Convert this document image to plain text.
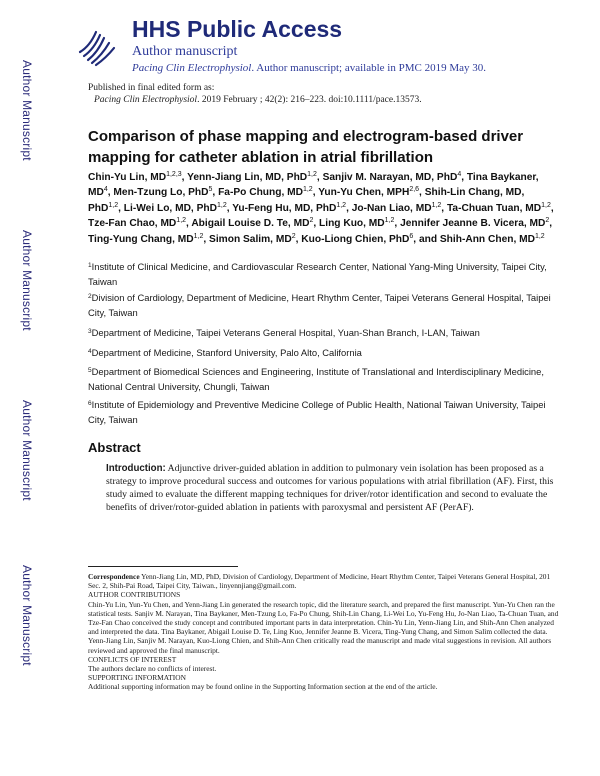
Author Manuscript
Author Manuscript
Author Manuscript
Author Manuscript
HHS Public Access
Author manuscript
Pacing Clin Electrophysiol. Author manuscript; available in PMC 2019 May 30.
Published in final edited form as:
Pacing Clin Electrophysiol. 2019 February ; 42(2): 216–223. doi:10.1111/pace.13573.
Comparison of phase mapping and electrogram-based driver mapping for catheter ablation in atrial fibrillation
Chin-Yu Lin, MD$^{1,2,3}$, Yenn-Jiang Lin, MD, PhD$^{1,2}$, Sanjiv M. Narayan, MD, PhD$^4$, Tina Baykaner, $MD^4$, Men-Tzung Lo, PhD$^5$, Fa-Po Chung, MD$^{1,2}$, Yun-Yu Chen, MPH$^{2,6}$, Shih-Lin Chang, MD, PhD$^{1,2}$, Li-Wei Lo, MD, PhD$^{1,2}$, Yu-Feng Hu, MD, PhD$^{1,2}$, Jo-Nan Liao, MD$^{1,2}$, Ta-Chuan Tuan, MD$^{1,2}$, Tze-Fan Chao, MD$^{1,2}$, Abigail Louise D. Te, $MD^2$, Ling Kuo, MD$^{1,2}$, Jennifer Jeanne B. Vicera, $MD^2$, Ting-Yung Chang, MD$^{1,2}$, Simon Salim, $MD^2$, Kuo-Liong Chien, PhD$^6$, and Shih-Ann Chen, MD$^{1,2}$
$^1$Institute of Clinical Medicine, and Cardiovascular Research Center, National Yang-Ming University, Taipei City, Taiwan
$^2$Division of Cardiology, Department of Medicine, Heart Rhythm Center, Taipei Veterans General Hospital, Taipei City, Taiwan
$^3$Department of Medicine, Taipei Veterans General Hospital, Yuan-Shan Branch, I-LAN, Taiwan
$^4$Department of Medicine, Stanford University, Palo Alto, California
$^5$Department of Biomedical Sciences and Engineering, Institute of Translational and Interdisciplinary Medicine, National Central University, Chungli, Taiwan
$^6$Institute of Epidemiology and Preventive Medicine College of Public Health, National Taiwan University, Taipei City, Taiwan
Abstract
Introduction: Adjunctive driver-guided ablation in addition to pulmonary vein isolation has been proposed as a strategy to improve procedural success and outcomes for various populations with atrial fibrillation (AF). First, this study aimed to evaluate the different mapping techniques for driver/rotor identification and second to evaluate the benefits of driver/rotor-guided ablation in patients with paroxysmal and persistent AF (PerAF).
Correspondence Yenn-Jiang Lin, MD, PhD, Division of Cardiology, Department of Medicine, Heart Rhythm Center, Taipei Veterans General Hospital, 201 Sec. 2, Shih-Pai Road, Taipei City, Taiwan., linyennjiang@gmail.com.
AUTHOR CONTRIBUTIONS
Chin-Yu Lin, Yun-Yu Chen, and Yenn-Jiang Lin generated the research topic, did the literature search, and prepared the first manuscript. Yun-Yu Chen ran the statistical tests. Sanjiv M. Narayan, Tina Baykaner, Men-Tzung Lo, Fa-Po Chung, Shih-Lin Chang, Li-Wei Lo, Yu-Feng Hu, Jo-Nan Liao, Ta-Chuan Tuan, and Tze-Fan Chao conceived the study concept and contributed important parts in data interpretation. Chin-Yu Lin, Yenn-Jiang Lin, and Shih-Ann Chen analyzed and interpreted the data. Tina Baykaner, Abigail Louise D. Te, Ling Kuo, Jennifer Jeanne B. Vicera, Ting-Yung Chang, and Simon Salim collected the data. Yenn-Jiang Lin, Sanjiv M. Narayan, Kuo-Liong Chien, and Shih-Ann Chen critically read the manuscript and made vital suggestions in revision. All authors reviewed and approved the final manuscript.
CONFLICTS OF INTEREST
The authors declare no conflicts of interest.
SUPPORTING INFORMATION
Additional supporting information may be found online in the Supporting Information section at the end of the article.
